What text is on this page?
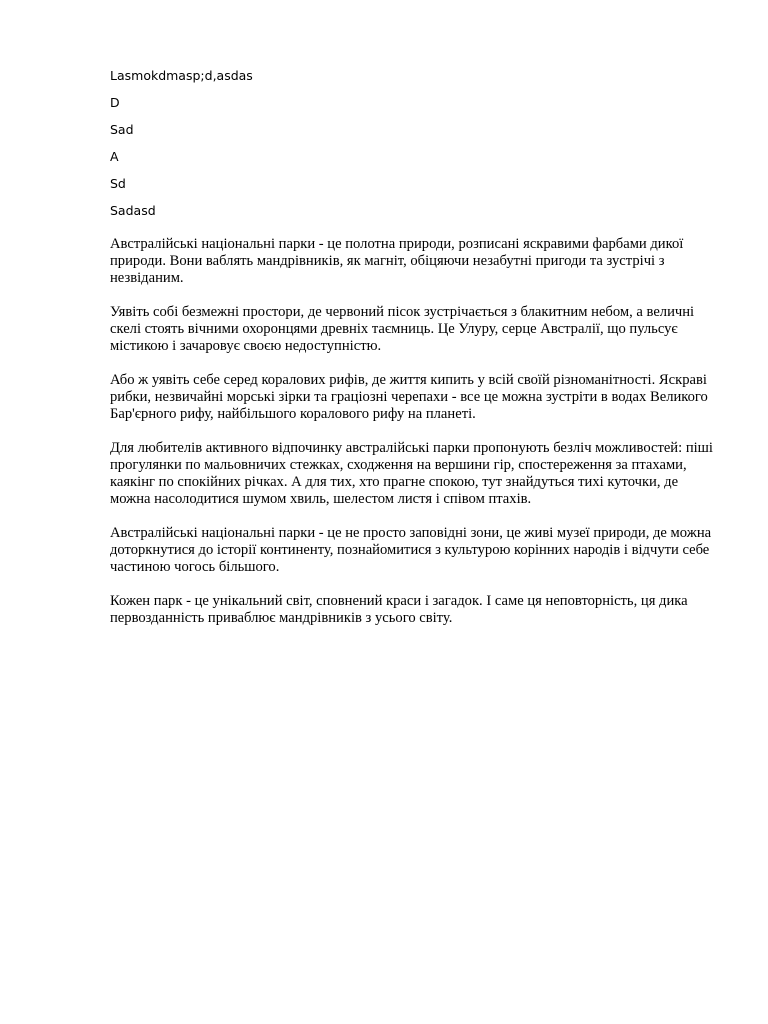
Lasmokdmasp;d,asdas

D

Sad

A

Sd

Sadasd

Австралійські національні парки - це полотна природи, розписані яскравими фарбами дикої природи. Вони ваблять мандрівників, як магніт, обіцяючи незабутні пригоди та зустрічі з незвіданим.

Уявіть собі безмежні простори, де червоний пісок зустрічається з блакитним небом, а величні скелі стоять вічними охоронцями древніх таємниць. Це Улуру, серце Австралії, що пульсує містикою і зачаровує своєю недоступністю.

Або ж уявіть себе серед коралових рифів, де життя кипить у всій своїй різноманітності. Яскраві рибки, незвичайні морські зірки та граціозні черепахи - все це можна зустріти в водах Великого Бар'єрного рифу, найбільшого коралового рифу на планеті.

Для любителів активного відпочинку австралійські парки пропонують безліч можливостей: піші прогулянки по мальовничих стежках, сходження на вершини гір, спостереження за птахами, каякінг по спокійних річках. А для тих, хто прагне спокою, тут знайдуться тихі куточки, де можна насолодитися шумом хвиль, шелестом листя і співом птахів.

Австралійські національні парки - це не просто заповідні зони, це живі музеї природи, де можна доторкнутися до історії континенту, познайомитися з культурою корінних народів і відчути себе частиною чогось більшого.

Кожен парк - це унікальний світ, сповнений краси і загадок. І саме ця неповторність, ця дика первозданність приваблює мандрівників з усього світу.
